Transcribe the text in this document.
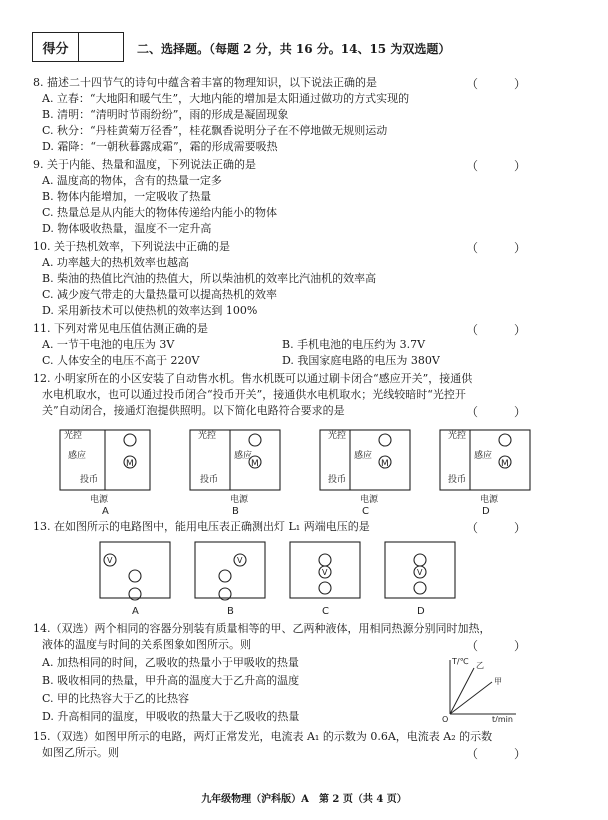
得分	二、选择题。（每题 2 分，共 16 分。14、15 为双选题）
8. 描述二十四节气的诗句中蕴含着丰富的物理知识，以下说法正确的是	（　　　）
A. 立春：“大地阳和暖气生”，大地内能的增加是太阳通过做功的方式实现的
B. 清明：“清明时节雨纷纷”，雨的形成是凝固现象
C. 秋分：“丹桂黄菊万径香”，桂花飘香说明分子在不停地做无规则运动
D. 霜降：“一朝秋暮露成霜”，霜的形成需要吸热
9. 关于内能、热量和温度，下列说法正确的是	（　　　）
A. 温度高的物体，含有的热量一定多
B. 物体内能增加，一定吸收了热量
C. 热量总是从内能大的物体传递给内能小的物体
D. 物体吸收热量，温度不一定升高
10. 关于热机效率，下列说法中正确的是	（　　　）
A. 功率越大的热机效率也越高
B. 柴油的热值比汽油的热值大，所以柴油机的效率比汽油机的效率高
C. 减少废气带走的大量热量可以提高热机的效率
D. 采用新技术可以使热机的效率达到 100%
11. 下列对常见电压值估测正确的是	（　　　）
A. 一节干电池的电压为 3V	B. 手机电池的电压约为 3.7V
C. 人体安全的电压不高于 220V	D. 我国家庭电路的电压为 380V
12. 小明家所在的小区安装了自动售水机。售水机既可以通过刷卡闭合“感应开关”，接通供
水电机取水，也可以通过投币闭合“投币开关”，接通供水电机取水；光线较暗时“光控开
关”自动闭合，接通灯泡提供照明。以下简化电路符合要求的是	（　　　）
光控
感应
投币
M
电源
光控
感应
投币
M
电源
光控
感应
投币
M
电源
光控
感应
投币
M
电源
A	B	C	D
13. 在如图所示的电路图中，能用电压表正确测出灯 L₁ 两端电压的是	（　　　）
V	V
V	V
A	B	C	D
14.（双选）两个相同的容器分别装有质量相等的甲、乙两种液体，用相同热源分别同时加热，
液体的温度与时间的关系图象如图所示。则	（　　　）
A. 加热相同的时间，乙吸收的热量小于甲吸收的热量
B. 吸收相同的热量，甲升高的温度大于乙升高的温度
C. 甲的比热容大于乙的比热容
D. 升高相同的温度，甲吸收的热量大于乙吸收的热量
T/℃
t/min
O
乙
甲
15.（双选）如图甲所示的电路，两灯正常发光，电流表 A₁ 的示数为 0.6A，电流表 A₂ 的示数
如图乙所示。则	（　　　）
九年级物理（沪科版）A　第 2 页（共 4 页）
